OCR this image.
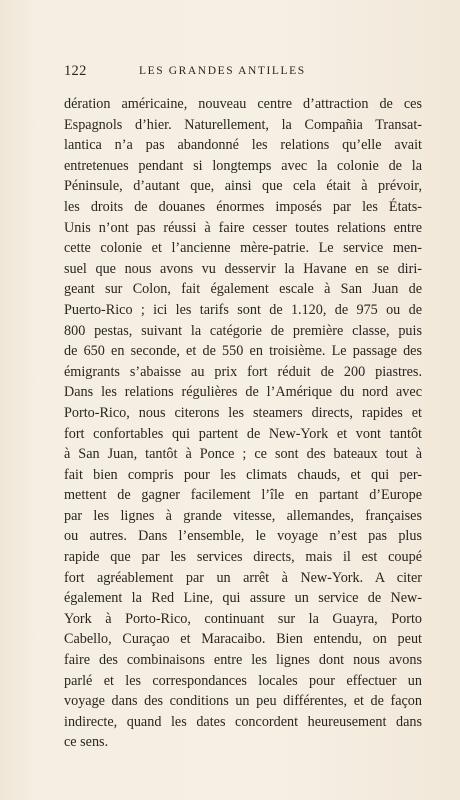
122	LES GRANDES ANTILLES
dération américaine, nouveau centre d’attraction de ces
Espagnols d’hier. Naturellement, la Compañia Transat-
lantica n’a pas abandonné les relations qu’elle avait
entretenues pendant si longtemps avec la colonie de la
Péninsule, d’autant que, ainsi que cela était à prévoir,
les droits de douanes énormes imposés par les États-
Unis n’ont pas réussi à faire cesser toutes relations entre
cette colonie et l’ancienne mère-patrie. Le service men-
suel que nous avons vu desservir la Havane en se diri-
geant sur Colon, fait également escale à San Juan de
Puerto-Rico ; ici les tarifs sont de 1.120, de 975 ou de
800 pestas, suivant la catégorie de première classe, puis
de 650 en seconde, et de 550 en troisième. Le passage des
émigrants s’abaisse au prix fort réduit de 200 piastres.
Dans les relations régulières de l’Amérique du nord avec
Porto-Rico, nous citerons les steamers directs, rapides et
fort confortables qui partent de New-York et vont tantôt
à San Juan, tantôt à Ponce ; ce sont des bateaux tout à
fait bien compris pour les climats chauds, et qui per-
mettent de gagner facilement l’île en partant d’Europe
par les lignes à grande vitesse, allemandes, françaises
ou autres. Dans l’ensemble, le voyage n’est pas plus
rapide que par les services directs, mais il est coupé
fort agréablement par un arrêt à New-York. A citer
également la Red Line, qui assure un service de New-
York à Porto-Rico, continuant sur la Guayra, Porto
Cabello, Curaçao et Maracaibo. Bien entendu, on peut
faire des combinaisons entre les lignes dont nous avons
parlé et les correspondances locales pour effectuer un
voyage dans des conditions un peu différentes, et de façon
indirecte, quand les dates concordent heureusement dans
ce sens.
